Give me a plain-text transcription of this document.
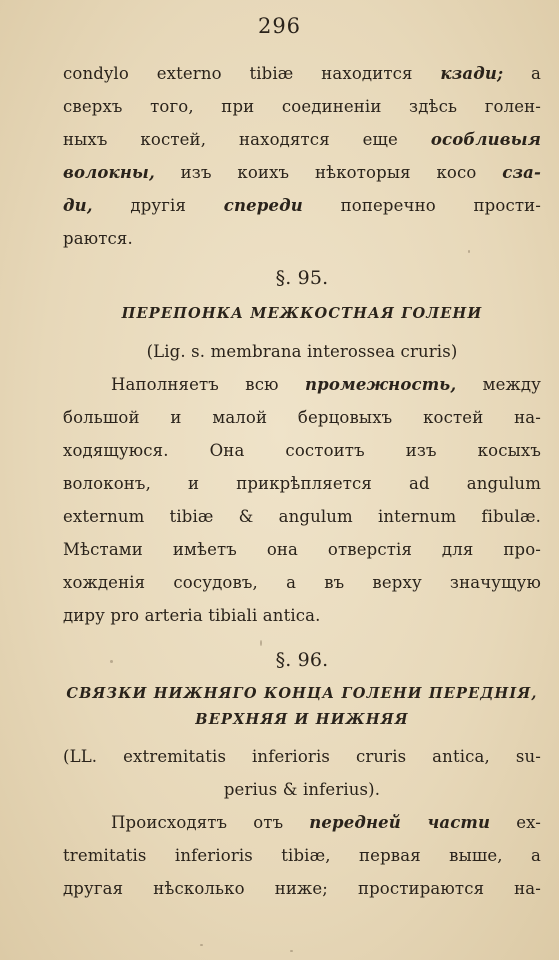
296
condylo externo tibiæ находится кзади; а
сверхъ того, при соединеніи здѣсь голен-
ныхъ костей, находятся еще особливыя
волокны, изъ коихъ нѣкоторыя косо сза-
ди, другія спереди поперечно прости-
раются.
§. 95.
ПЕРЕПОНКА МЕЖКОСТНАЯ ГОЛЕНИ
(Lig. s. membrana interossea cruris)
Наполняетъ всю промежность, между
большой и малой берцовыхъ костей на-
ходящуюся. Она состоитъ изъ косыхъ
волоконъ, и прикрѣпляется ad angulum
externum tibiæ & angulum internum fibulæ.
Мѣстами имѣетъ она отверстія для про-
хожденія сосудовъ, а въ верху значущую
диру pro arteria tibiali antica.
§. 96.
СВЯЗКИ НИЖНЯГО КОНЦА ГОЛЕНИ ПЕРЕДНІЯ,
ВЕРХНЯЯ И НИЖНЯЯ
(LL. extremitatis inferioris cruris antica, su-
perius & inferius).
Происходятъ отъ передней части ex-
tremitatis inferioris tibiæ, первая выше, а
другая нѣсколько ниже; простираются на-
